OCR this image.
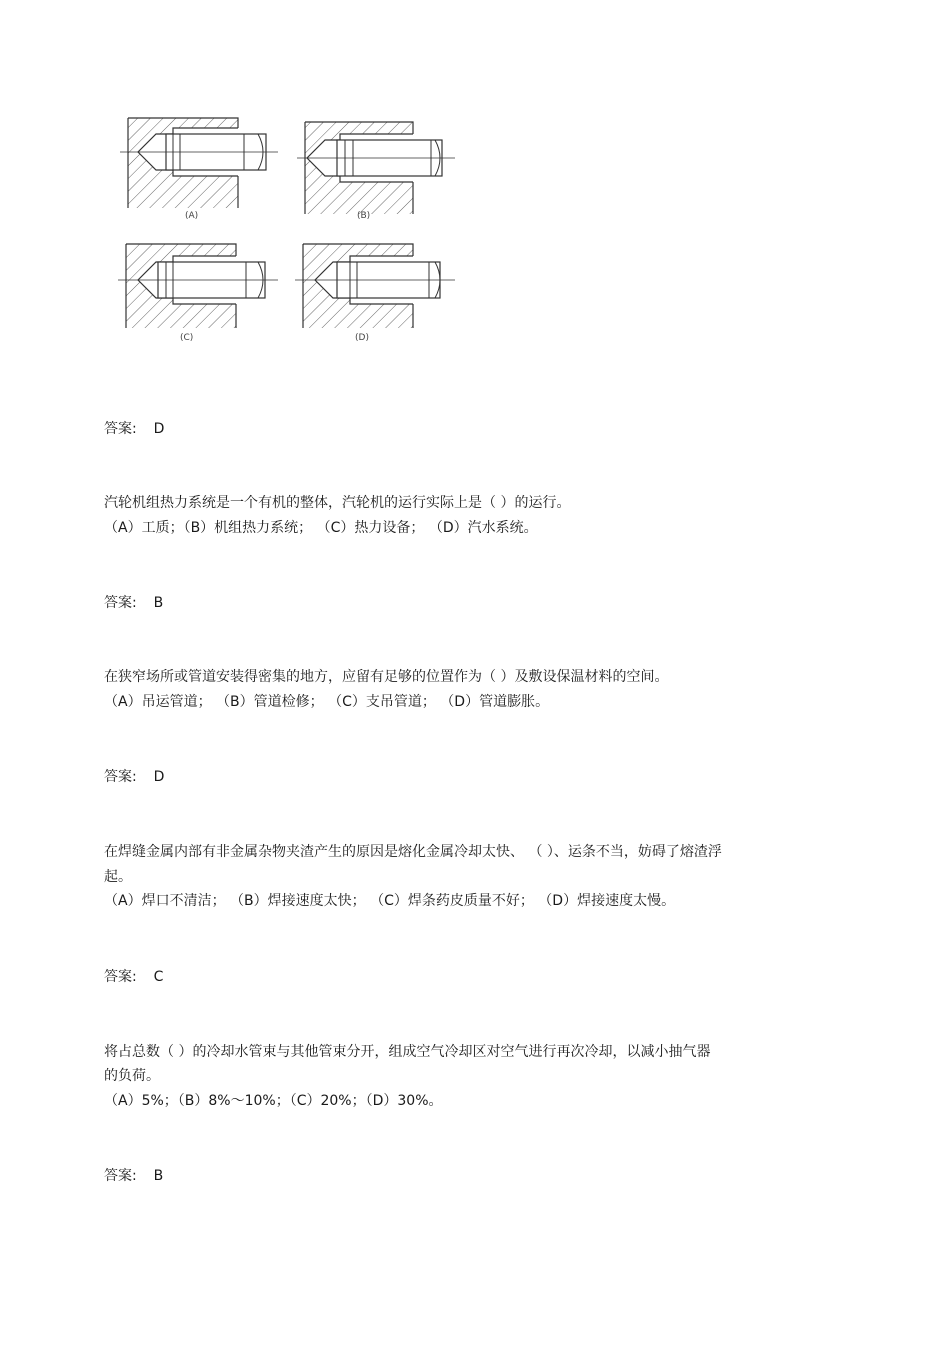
(A)	(B)
(C)	(D)
答案: D
汽轮机组热力系统是一个有机的整体，汽轮机的运行实际上是（ ）的运行。
（A）工质；（B）机组热力系统； （C）热力设备； （D）汽水系统。
答案: B
在狭窄场所或管道安装得密集的地方，应留有足够的位置作为（ ）及敷设保温材料的空间。
（A）吊运管道； （B）管道检修； （C）支吊管道； （D）管道膨胀。
答案: D
在焊缝金属内部有非金属杂物夹渣产生的原因是熔化金属冷却太快、 （ ）、运条不当，妨碍了熔渣浮
起。
（A）焊口不清洁； （B）焊接速度太快； （C）焊条药皮质量不好； （D）焊接速度太慢。
答案: C
将占总数（ ）的冷却水管束与其他管束分开，组成空气冷却区对空气进行再次冷却，以减小抽气器
的负荷。
（A）5%；（B）8%～10%；（C）20%；（D）30%。
答案: B
